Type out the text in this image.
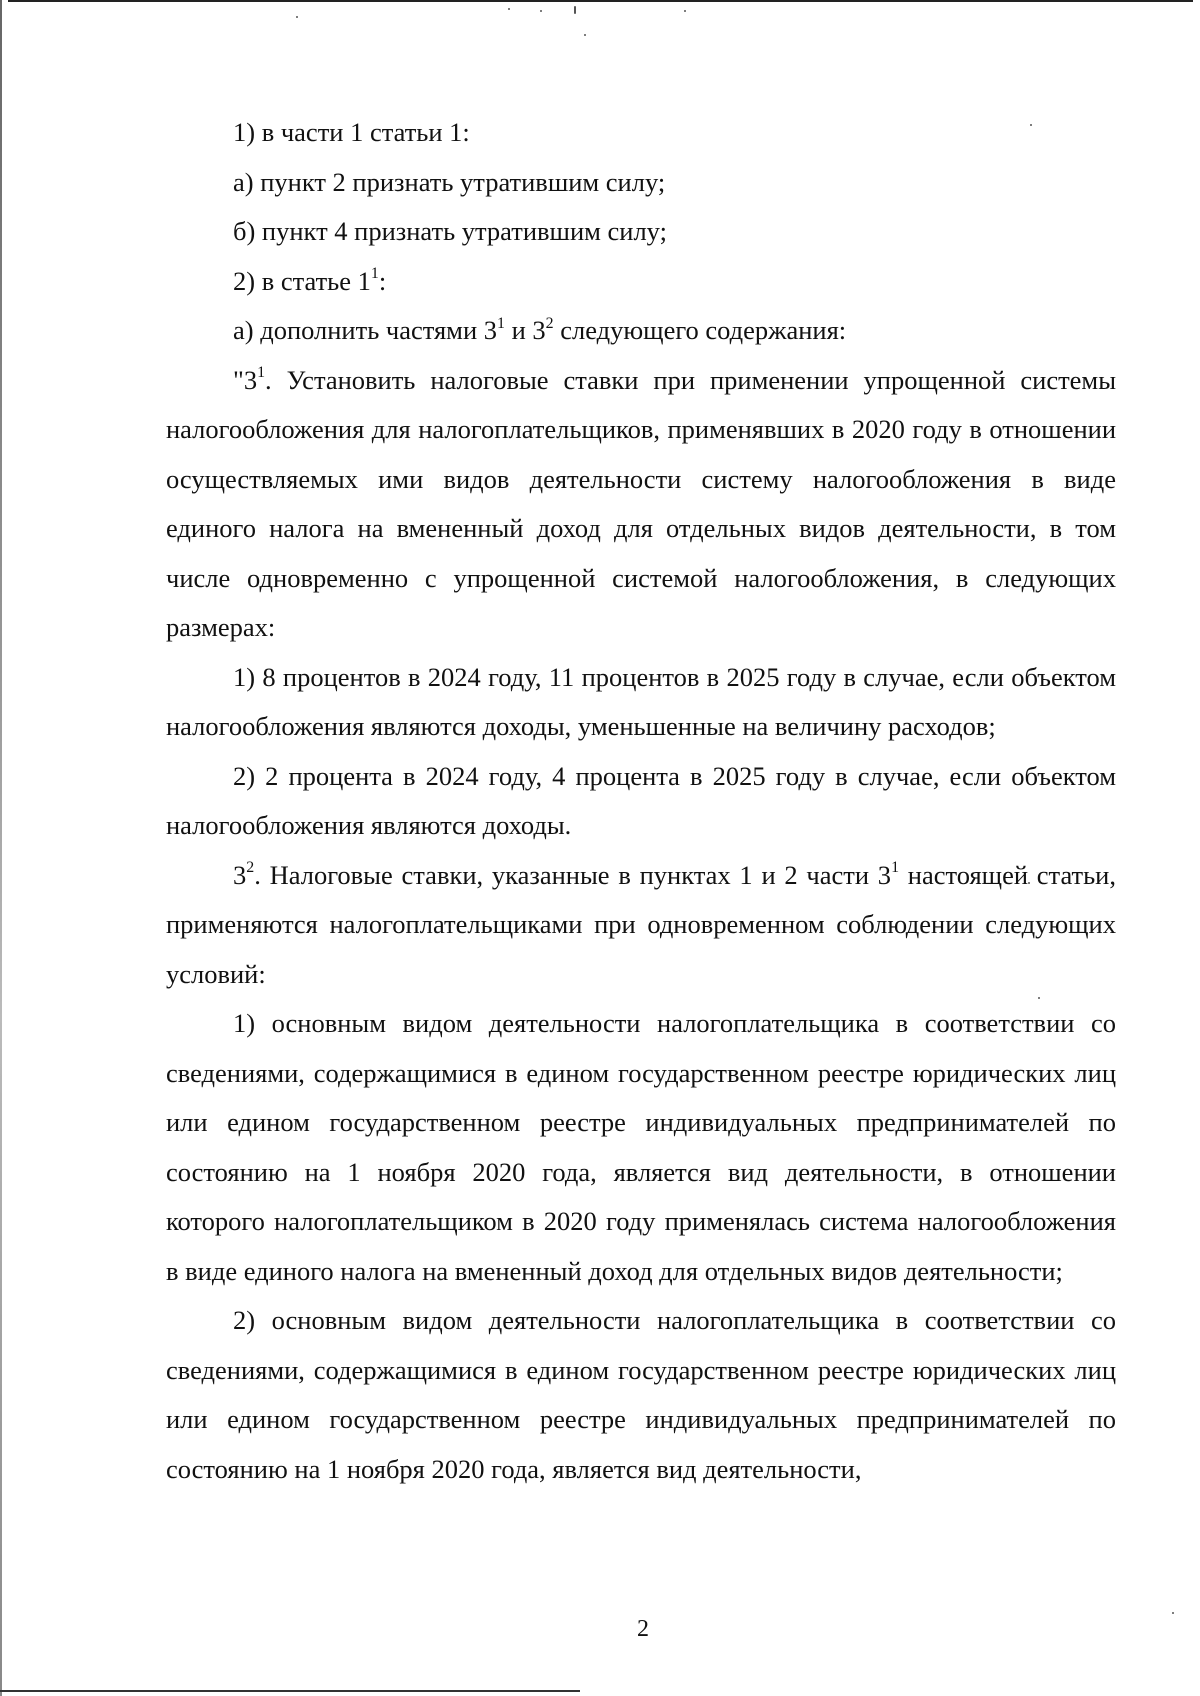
1) в части 1 статьи 1:

а) пункт 2 признать утратившим силу;

б) пункт 4 признать утратившим силу;

2) в статье $1^1$:

а) дополнить частями $3^1$ и $3^2$ следующего содержания:

"$3^1$. Установить налоговые ставки при применении упрощенной системы налогообложения для налогоплательщиков, применявших в 2020 году в отношении осуществляемых ими видов деятельности систему налогообложения в виде единого налога на вмененный доход для отдельных видов деятельности, в том числе одновременно с упрощенной системой налогообложения, в следующих размерах:

1) 8 процентов в 2024 году, 11 процентов в 2025 году в случае, если объектом налогообложения являются доходы, уменьшенные на величину расходов;

2) 2 процента в 2024 году, 4 процента в 2025 году в случае, если объектом налогообложения являются доходы.

$3^2$. Налоговые ставки, указанные в пунктах 1 и 2 части $3^1$ настоящей статьи, применяются налогоплательщиками при одновременном соблюдении следующих условий:

1) основным видом деятельности налогоплательщика в соответствии со сведениями, содержащимися в едином государственном реестре юридических лиц или едином государственном реестре индивидуальных предпринимателей по состоянию на 1 ноября 2020 года, является вид деятельности, в отношении которого налогоплательщиком в 2020 году применялась система налогообложения в виде единого налога на вмененный доход для отдельных видов деятельности;

2) основным видом деятельности налогоплательщика в соответствии со сведениями, содержащимися в едином государственном реестре юридических лиц или едином государственном реестре индивидуальных предпринимателей по состоянию на 1 ноября 2020 года, является вид деятельности,

2
